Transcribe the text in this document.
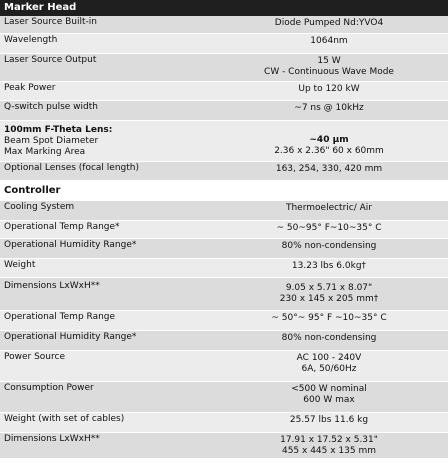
Marker Head
Laser Source Built-in	Diode Pumped Nd:YVO4
Wavelength	1064nm
Laser Source Output	15 W
CW - Continuous Wave Mode
Peak Power	Up to 120 kW
Q-switch pulse width	~7 ns @ 10kHz
100mm F-Theta Lens:
Beam Spot Diameter
Max Marking Area
~40 µm
2.36 x 2.36" 60 x 60mm
Optional Lenses (focal length)	163, 254, 330, 420 mm
Controller
Cooling System	Thermoelectric/ Air
Operational Temp Range*	~ 50~95° F~10~35° C
Operational Humidity Range*	80% non-condensing
Weight	13.23 lbs 6.0kg†
Dimensions LxWxH**	9.05 x 5.71 x 8.07"
230 x 145 x 205 mm†
Operational Temp Range	~ 50°~ 95° F ~10~35° C
Operational Humidity Range*	80% non-condensing
Power Source	AC 100 - 240V
6A, 50/60Hz
Consumption Power	<500 W nominal
600 W max
Weight (with set of cables)	25.57 lbs 11.6 kg
Dimensions LxWxH**	17.91 x 17.52 x 5.31"
455 x 445 x 135 mm
